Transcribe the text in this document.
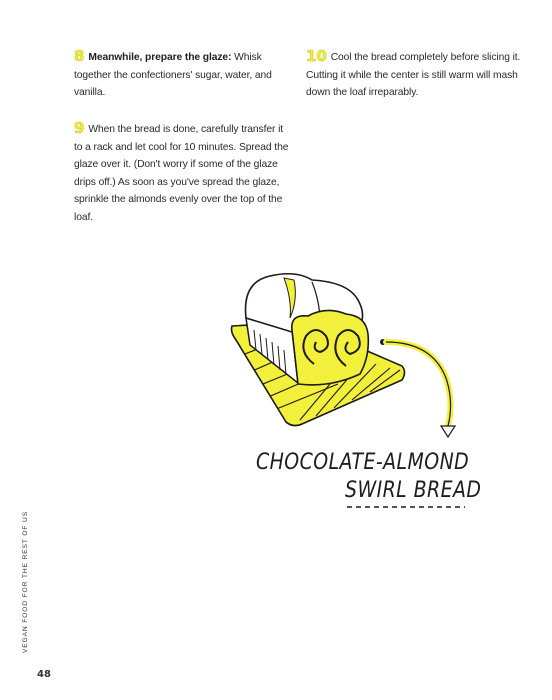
8 Meanwhile, prepare the glaze: Whisk together the confectioners' sugar, water, and vanilla.

9 When the bread is done, carefully transfer it to a rack and let cool for 10 minutes. Spread the glaze over it. (Don't worry if some of the glaze drips off.) As soon as you've spread the glaze, sprinkle the almonds evenly over the top of the loaf.

10 Cool the bread completely before slicing it. Cutting it while the center is still warm will mash down the loaf irreparably.

CHOCOLATE-ALMOND
SWIRL BREAD
VEGAN FOOD FOR THE REST OF US
48
